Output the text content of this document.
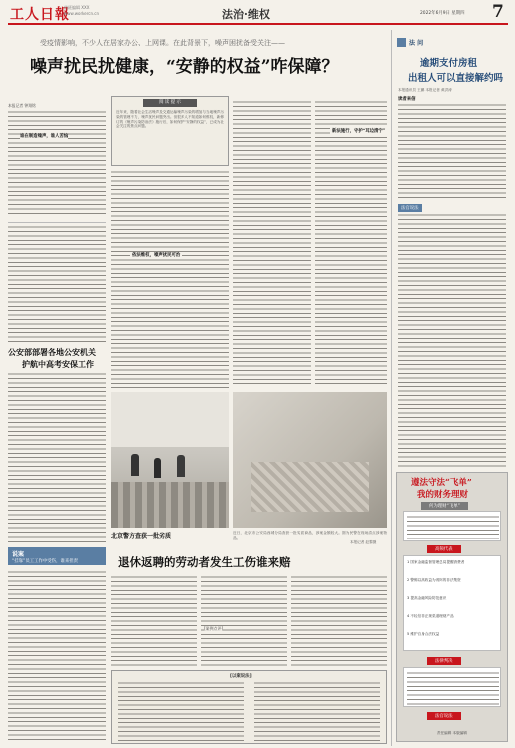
工人日報
值班编辑 XXX
www.workercn.cn	法治·维权	2022年6月9日 星期四 7
受疫情影响，不少人在居家办公、上网课。在此背景下，噪声困扰备受关注——
噪声扰民扰健康，“安静的权益”咋保障？
阅 读 提 示
近年来，随着社会生活噪声及交通运输噪声污染的增加与当地噪声污染的管理不力，噪声扰民问题突出。但很多人不知道如何维权，新修订的《噪声污染防治法》施行后，如何保护“安静的权益”，已成为社会关注的焦点问题。
本报记者 钟翔铭
谁在制造噪声，谁人苦恼
依法维权，噪声扰民可治
新法施行，守护“耳边清宁”
公安部部署各地公安机关
护航中高考安保工作
说案
“挂靠”员工工作中受伤，谁来担责
北京警方查获一批劣质	近日，北京市公安局西城分局查获一批劣质商品，涉案金额较大。图为民警在现场清点涉案物品。
本报记者 赵黎摄
退休返聘的劳动者发生工伤谁来赔
[案例点评]
[以案说法]
法 问
逾期支付房租
出租人可以直接解约吗
本报通讯员 王鹏 本报记者 黄洪涛
读者来信
法官说法
遵法守法“飞单”
我的财务理财
何为理财“飞单”
高频代表
1 国家金融监督管理总局提醒消费者
2 警惕以高收益为诱饵的非法集资
3 提高金融风险防范意识
4 不轻信非正规渠道理财产品
5 维护自身合法权益
法律判决
法官说法
责任编辑 本版编辑
